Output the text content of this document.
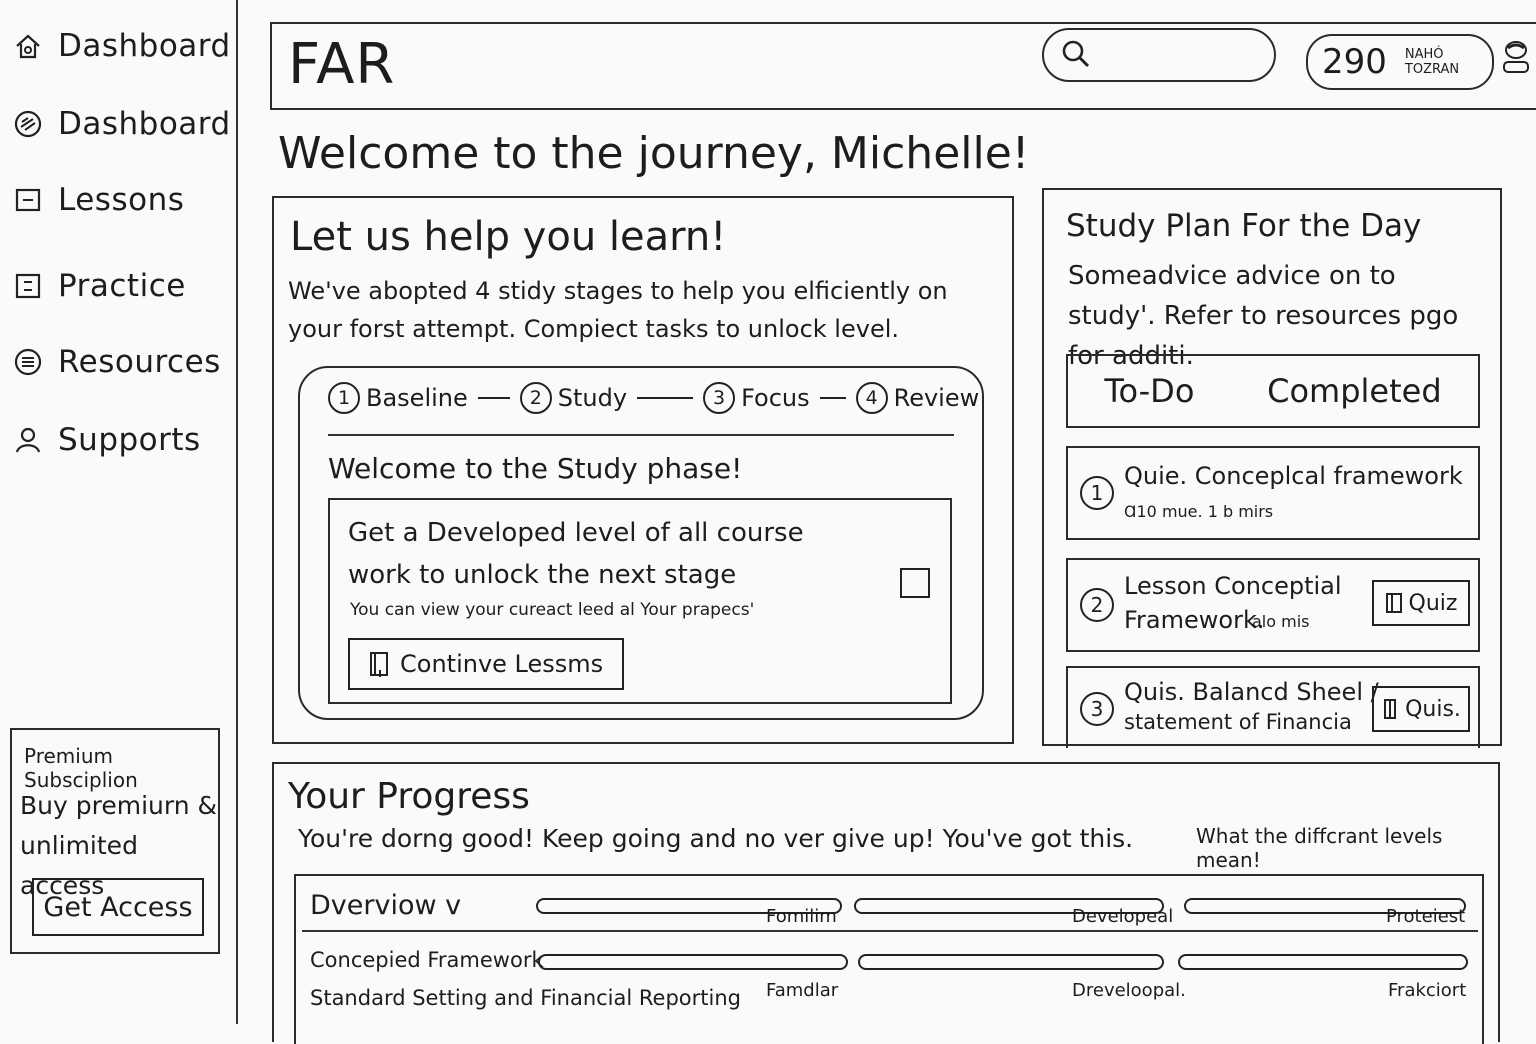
Dashboard
Dashboard
Lessons
Practice
Resources
Supports
Premium Subsciplion
Buy premiurn & unlimited access
Get Access
FAR	290 NAHÓ
TOZRAN
Welcome to the journey, Michelle!
Let us help you learn!
We've abopted 4 stidy stages to help you elficiently on your forst attempt. Compiect tasks to unlock level.
1 Baseline	2 Study	3 Focus	4 Review
Welcome to the Study phase!
Get a Developed level of all course work to unlock the next stage
You can view your cureact leed al Your prapecs'
Continve Lessms
Study Plan For the Day
Someadvice advice on to study'. Refer to resources pgo for additi.
To-Do Completed
1
Quie. Conceplcal framework
Ɑ10 mue. 1 b mirs
2
Lesson Conceptial
Framework.
alo mis
Quiz
3
Quis. Balancd Sheel /
statement of Financia
Quis.
Your Progress
You're dorng good! Keep going and no ver give up! You've got this.	What the diffcrant levels mean!
Dverviow v	Fomilim	Developeal	Proteiest
Concepied Framework
Standard Setting and Financial Reporting Famdlar	Dreveloopal.	Frakciort
